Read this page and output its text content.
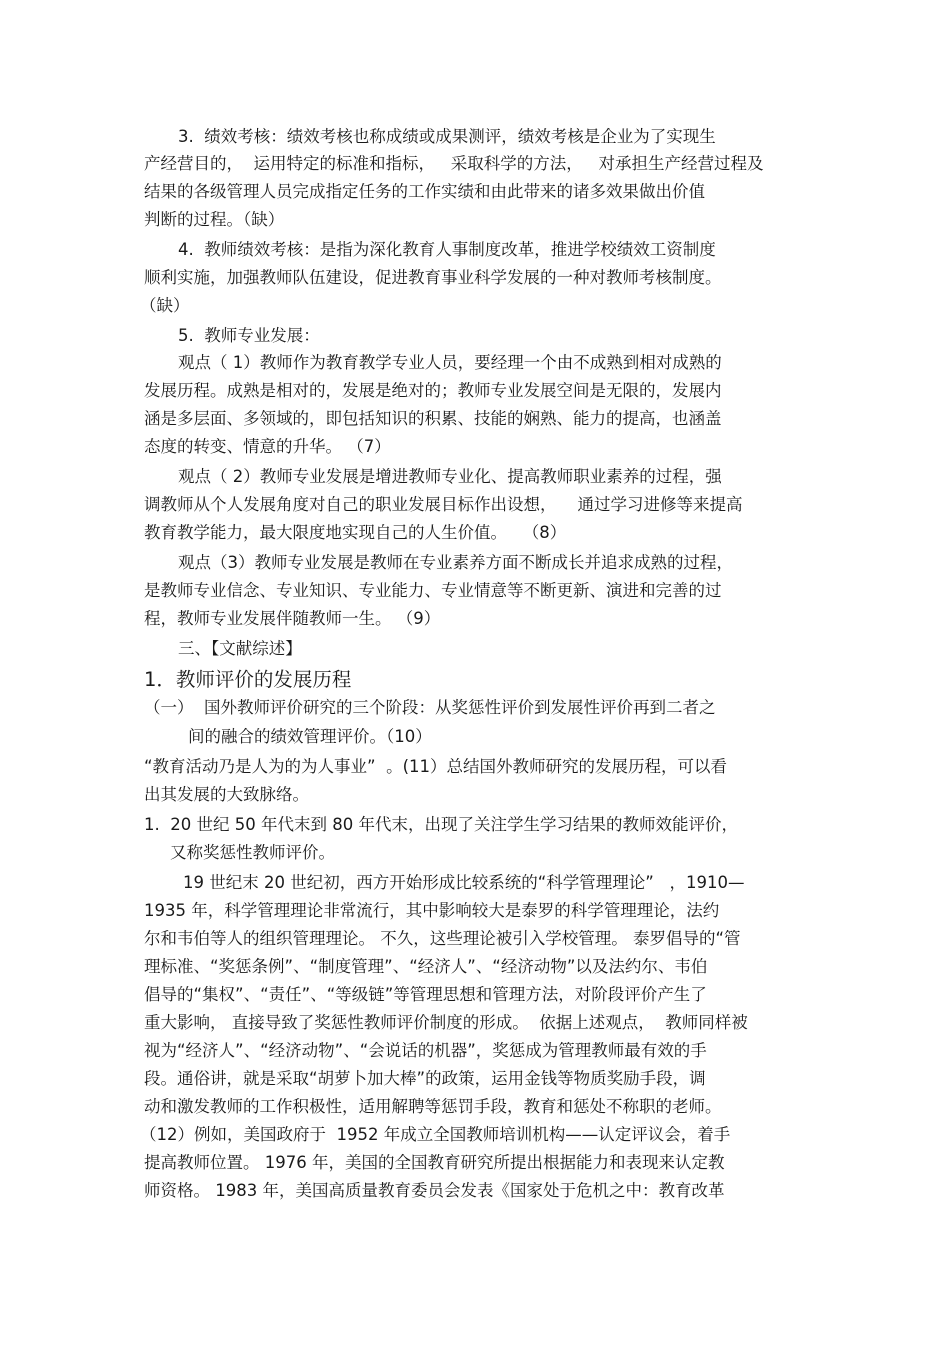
3.  绩效考核：绩效考核也称成绩或成果测评，绩效考核是企业为了实现生
产经营目的，  运用特定的标准和指标，   采取科学的方法，   对承担生产经营过程及
结果的各级管理人员完成指定任务的工作实绩和由此带来的诸多效果做出价值
判断的过程。（缺）
4.  教师绩效考核：是指为深化教育人事制度改革，推进学校绩效工资制度
顺利实施，加强教师队伍建设，促进教育事业科学发展的一种对教师考核制度。
（缺）
5.  教师专业发展：
观点（ 1）教师作为教育教学专业人员，要经理一个由不成熟到相对成熟的
发展历程。成熟是相对的，发展是绝对的；教师专业发展空间是无限的，发展内
涵是多层面、多领域的，即包括知识的积累、技能的娴熟、能力的提高，也涵盖
态度的转变、情意的升华。 （7）
观点（ 2）教师专业发展是增进教师专业化、提高教师职业素养的过程，强
调教师从个人发展角度对自己的职业发展目标作出设想，    通过学习进修等来提高
教育教学能力，最大限度地实现自己的人生价值。   （8）
观点（3）教师专业发展是教师在专业素养方面不断成长并追求成熟的过程，
是教师专业信念、专业知识、专业能力、专业情意等不断更新、演进和完善的过
程，教师专业发展伴随教师一生。 （9）
三、【文献综述】
1．教师评价的发展历程
（一）  国外教师评价研究的三个阶段：从奖惩性评价到发展性评价再到二者之
间的融合的绩效管理评价。（10）
“教育活动乃是人为的为人事业”  。(11）总结国外教师研究的发展历程，可以看
出其发展的大致脉络。
1.  20 世纪 50 年代末到 80 年代末，出现了关注学生学习结果的教师效能评价，
又称奖惩性教师评价。
19 世纪末 20 世纪初，西方开始形成比较系统的“科学管理理论”   ，1910—
1935 年，科学管理理论非常流行，其中影响较大是泰罗的科学管理理论，法约
尔和韦伯等人的组织管理理论。 不久，这些理论被引入学校管理。 泰罗倡导的“管
理标准、“奖惩条例”、“制度管理”、“经济人”、“经济动物”以及法约尔、韦伯
倡导的“集权”、“责任”、“等级链”等管理思想和管理方法，对阶段评价产生了
重大影响， 直接导致了奖惩性教师评价制度的形成。  依据上述观点，  教师同样被
视为“经济人”、“经济动物”、“会说话的机器”，奖惩成为管理教师最有效的手
段。通俗讲，就是采取“胡萝卜加大棒”的政策，运用金钱等物质奖励手段，调
动和激发教师的工作积极性，适用解聘等惩罚手段，教育和惩处不称职的老师。
（12）例如，美国政府于  1952 年成立全国教师培训机构——认定评议会，着手
提高教师位置。 1976 年，美国的全国教育研究所提出根据能力和表现来认定教
师资格。 1983 年，美国高质量教育委员会发表《国家处于危机之中：教育改革
